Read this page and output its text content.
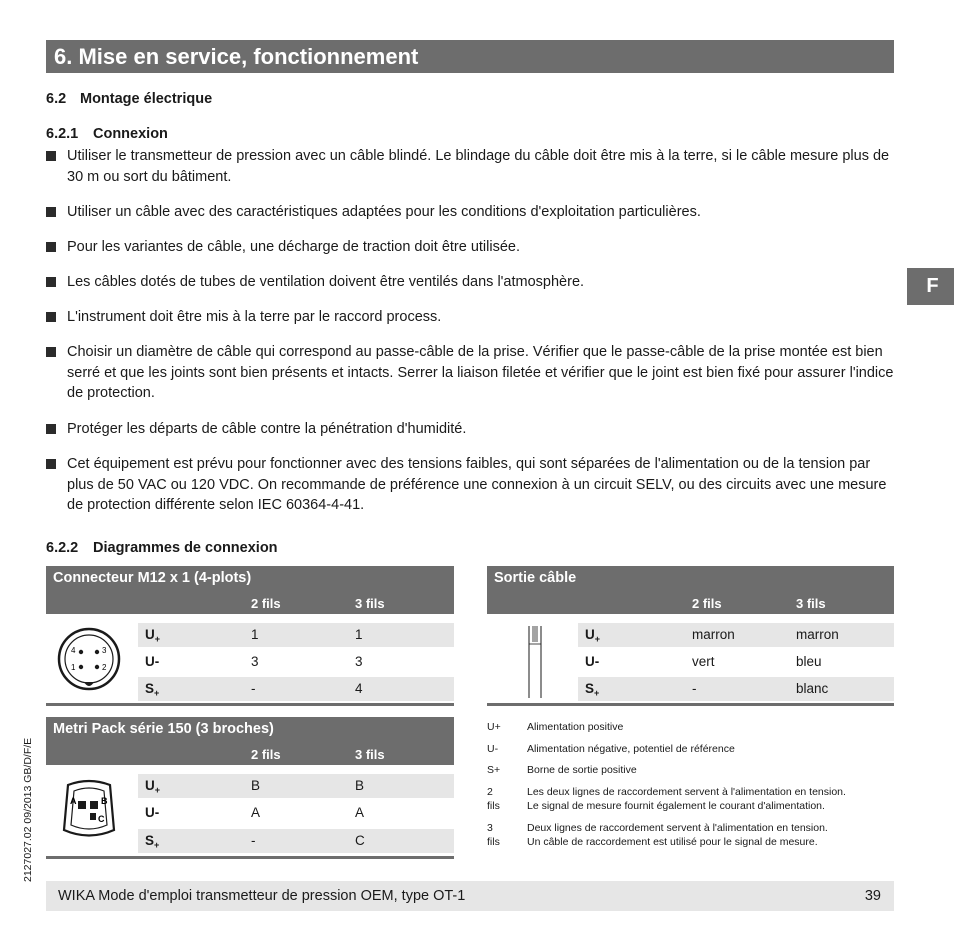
6. Mise en service, fonctionnement
6.2 Montage électrique
6.2.1 Connexion
Utiliser le transmetteur de pression avec un câble blindé. Le blindage du câble doit être mis à la terre, si le câble mesure plus de 30 m ou sort du bâtiment.
Utiliser un câble avec des caractéristiques adaptées pour les conditions d'exploitation particulières.
Pour les variantes de câble, une décharge de traction doit être utilisée.
Les câbles dotés de tubes de ventilation doivent être ventilés dans l'atmosphère.
L'instrument doit être mis à la terre par le raccord process.
Choisir un diamètre de câble qui correspond au passe-câble de la prise. Vérifier que le passe-câble de la prise montée est bien serré et que les joints sont bien présents et intacts. Serrer la liaison filetée et vérifier que le joint est bien fixé pour assurer l'indice de protection.
Protéger les départs de câble contre la pénétration d'humidité.
Cet équipement est prévu pour fonctionner avec des tensions faibles, qui sont séparées de l'alimentation ou de la tension par plus de 50 VAC ou 120 VDC. On recommande de préférence une connexion à un circuit SELV, ou des circuits avec une mesure de protection différente selon IEC 60364-4-41.
F
6.2.2 Diagrammes de connexion
Connecteur M12 x 1 (4-plots)
2 fils	3 fils
4	3
1	2
$U_+$	1	1
U-	3	3
$S_+$	-	4
Sortie câble
2 fils	3 fils
$U_+$	marron	marron
U-	vert	bleu
$S_+$	-	blanc
Metri Pack série 150 (3 broches)
2 fils	3 fils
A	B
C
$U_+$	B	B
U-	A	A
$S_+$	-	C
U+	Alimentation positive
U-	Alimentation négative, potentiel de référence
S+	Borne de sortie positive
2 fils
Les deux lignes de raccordement servent à l'alimentation en tension.
Le signal de mesure fournit également le courant d'alimentation.
3 fils
Deux lignes de raccordement servent à l'alimentation en tension.
Un câble de raccordement est utilisé pour le signal de mesure.
2127027.02 09/2013 GB/D/F/E
WIKA Mode d'emploi transmetteur de pression OEM, type OT-1	39
